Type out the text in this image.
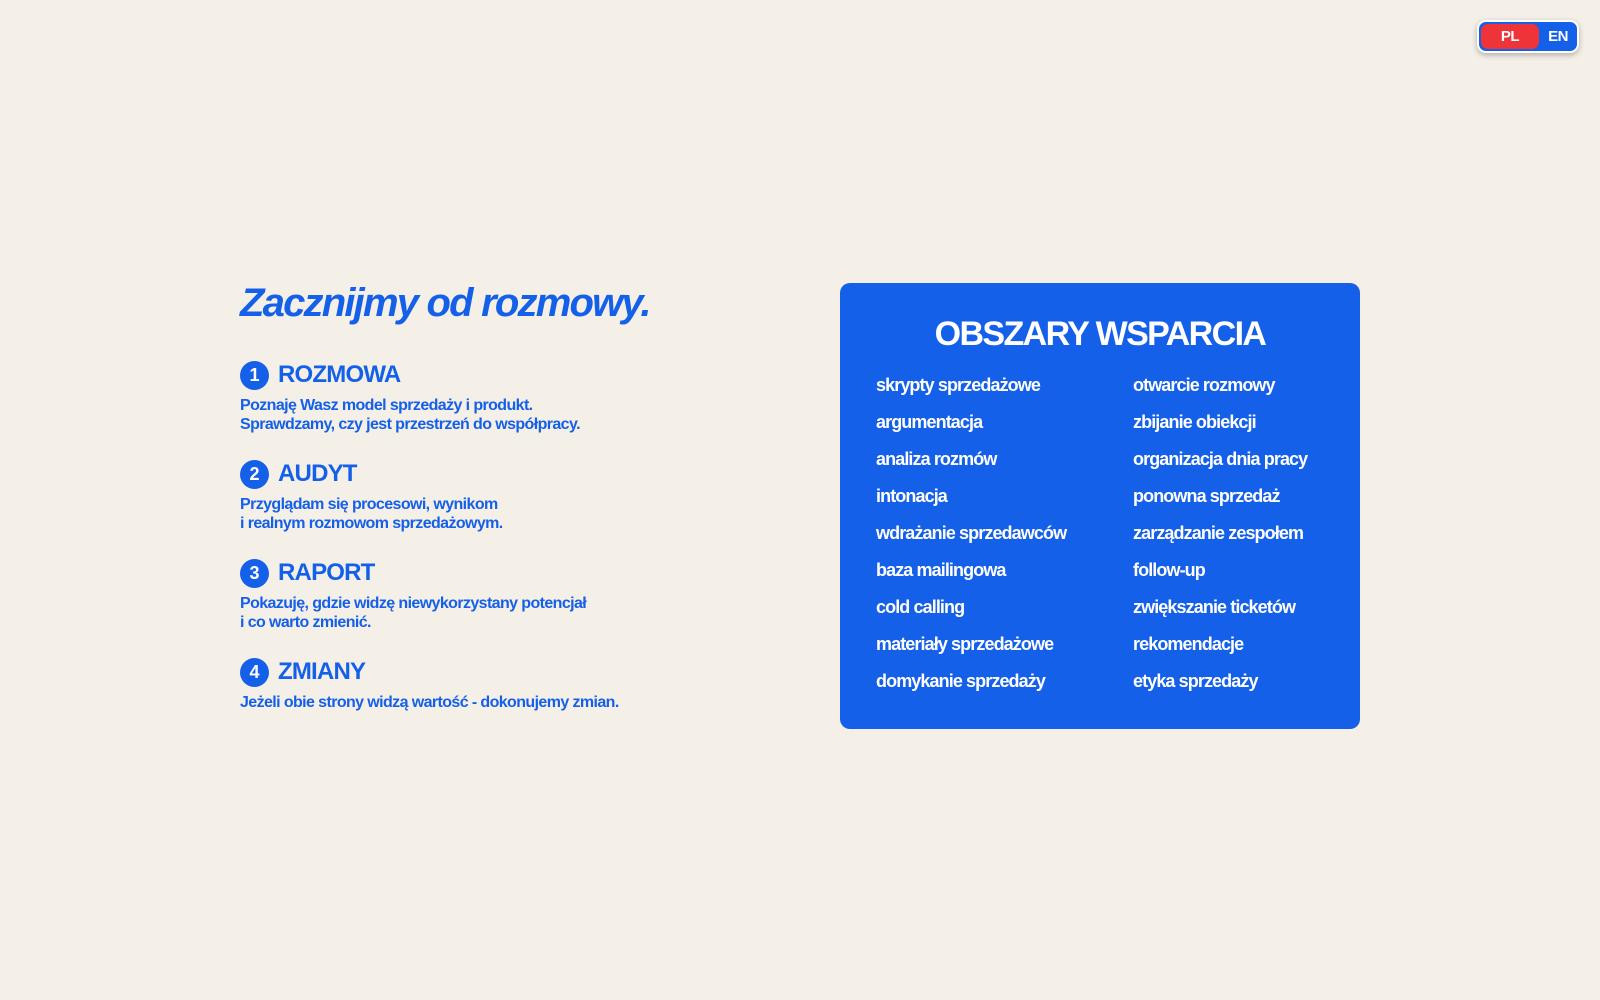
PL	EN
Zacznijmy od rozmowy.
1 ROZMOWA
Poznaję Wasz model sprzedaży i produkt.
Sprawdzamy, czy jest przestrzeń do współpracy.
2 AUDYT
Przyglądam się procesowi, wynikom
i realnym rozmowom sprzedażowym.
3 RAPORT
Pokazuję, gdzie widzę niewykorzystany potencjał
i co warto zmienić.
4 ZMIANY
Jeżeli obie strony widzą wartość - dokonujemy zmian.
OBSZARY WSPARCIA
skrypty sprzedażowe
argumentacja
analiza rozmów
intonacja
wdrażanie sprzedawców
baza mailingowa
cold calling
materiały sprzedażowe
domykanie sprzedaży
otwarcie rozmowy
zbijanie obiekcji
organizacja dnia pracy
ponowna sprzedaż
zarządzanie zespołem
follow-up
zwiększanie ticketów
rekomendacje
etyka sprzedaży
